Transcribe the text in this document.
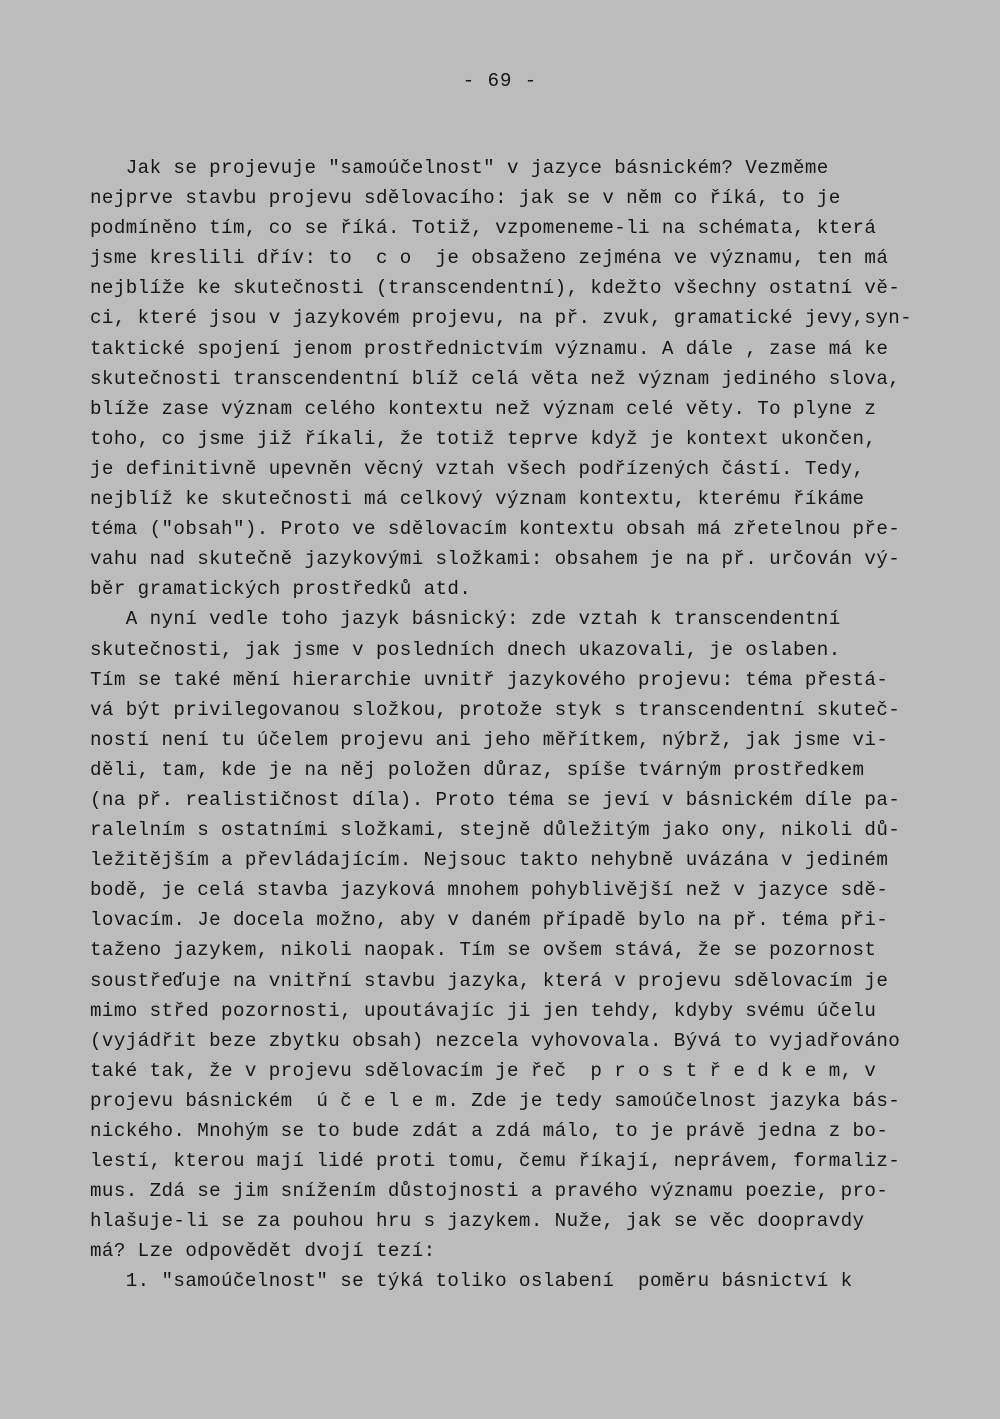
- 69 -
Jak se projevuje "samoúčelnost" v jazyce básnickém? Vezměme
nejprve stavbu projevu sdělovacího: jak se v něm co říká, to je
podmíněno tím, co se říká. Totiž, vzpomeneme-li na schémata, která
jsme kreslili dřív: to  c o  je obsaženo zejména ve významu, ten má
nejblíže ke skutečnosti (transcendentní), kdežto všechny ostatní vě-
ci, které jsou v jazykovém projevu, na př. zvuk, gramatické jevy,syn-
taktické spojení jenom prostřednictvím významu. A dále , zase má ke
skutečnosti transcendentní blíž celá věta než význam jediného slova,
blíže zase význam celého kontextu než význam celé věty. To plyne z
toho, co jsme již říkali, že totiž teprve když je kontext ukončen,
je definitivně upevněn věcný vztah všech podřízených částí. Tedy,
nejblíž ke skutečnosti má celkový význam kontextu, kterému říkáme
téma ("obsah"). Proto ve sdělovacím kontextu obsah má zřetelnou pře-
vahu nad skutečně jazykovými složkami: obsahem je na př. určován vý-
běr gramatických prostředků atd.
A nyní vedle toho jazyk básnický: zde vztah k transcendentní
skutečnosti, jak jsme v posledních dnech ukazovali, je oslaben.
Tím se také mění hierarchie uvnitř jazykového projevu: téma přestá-
vá být privilegovanou složkou, protože styk s transcendentní skuteč-
ností není tu účelem projevu ani jeho měřítkem, nýbrž, jak jsme vi-
děli, tam, kde je na něj položen důraz, spíše tvárným prostředkem
(na př. realističnost díla). Proto téma se jeví v básnickém díle pa-
ralelním s ostatními složkami, stejně důležitým jako ony, nikoli dů-
ležitějším a převládajícím. Nejsouc takto nehybně uvázána v jediném
bodě, je celá stavba jazyková mnohem pohyblivější než v jazyce sdě-
lovacím. Je docela možno, aby v daném případě bylo na př. téma při-
taženo jazykem, nikoli naopak. Tím se ovšem stává, že se pozornost
soustřeďuje na vnitřní stavbu jazyka, která v projevu sdělovacím je
mimo střed pozornosti, upoutávajíc ji jen tehdy, kdyby svému účelu
(vyjádřit beze zbytku obsah) nezcela vyhovovala. Bývá to vyjadřováno
také tak, že v projevu sdělovacím je řeč  p r o s t ř e d k e m, v
projevu básnickém  ú č e l e m. Zde je tedy samoúčelnost jazyka bás-
nického. Mnohým se to bude zdát a zdá málo, to je právě jedna z bo-
lestí, kterou mají lidé proti tomu, čemu říkají, neprávem, formaliz-
mus. Zdá se jim snížením důstojnosti a pravého významu poezie, pro-
hlašuje-li se za pouhou hru s jazykem. Nuže, jak se věc doopravdy
má? Lze odpovědět dvojí tezí:
1. "samoúčelnost" se týká toliko oslabení  poměru básnictví k
